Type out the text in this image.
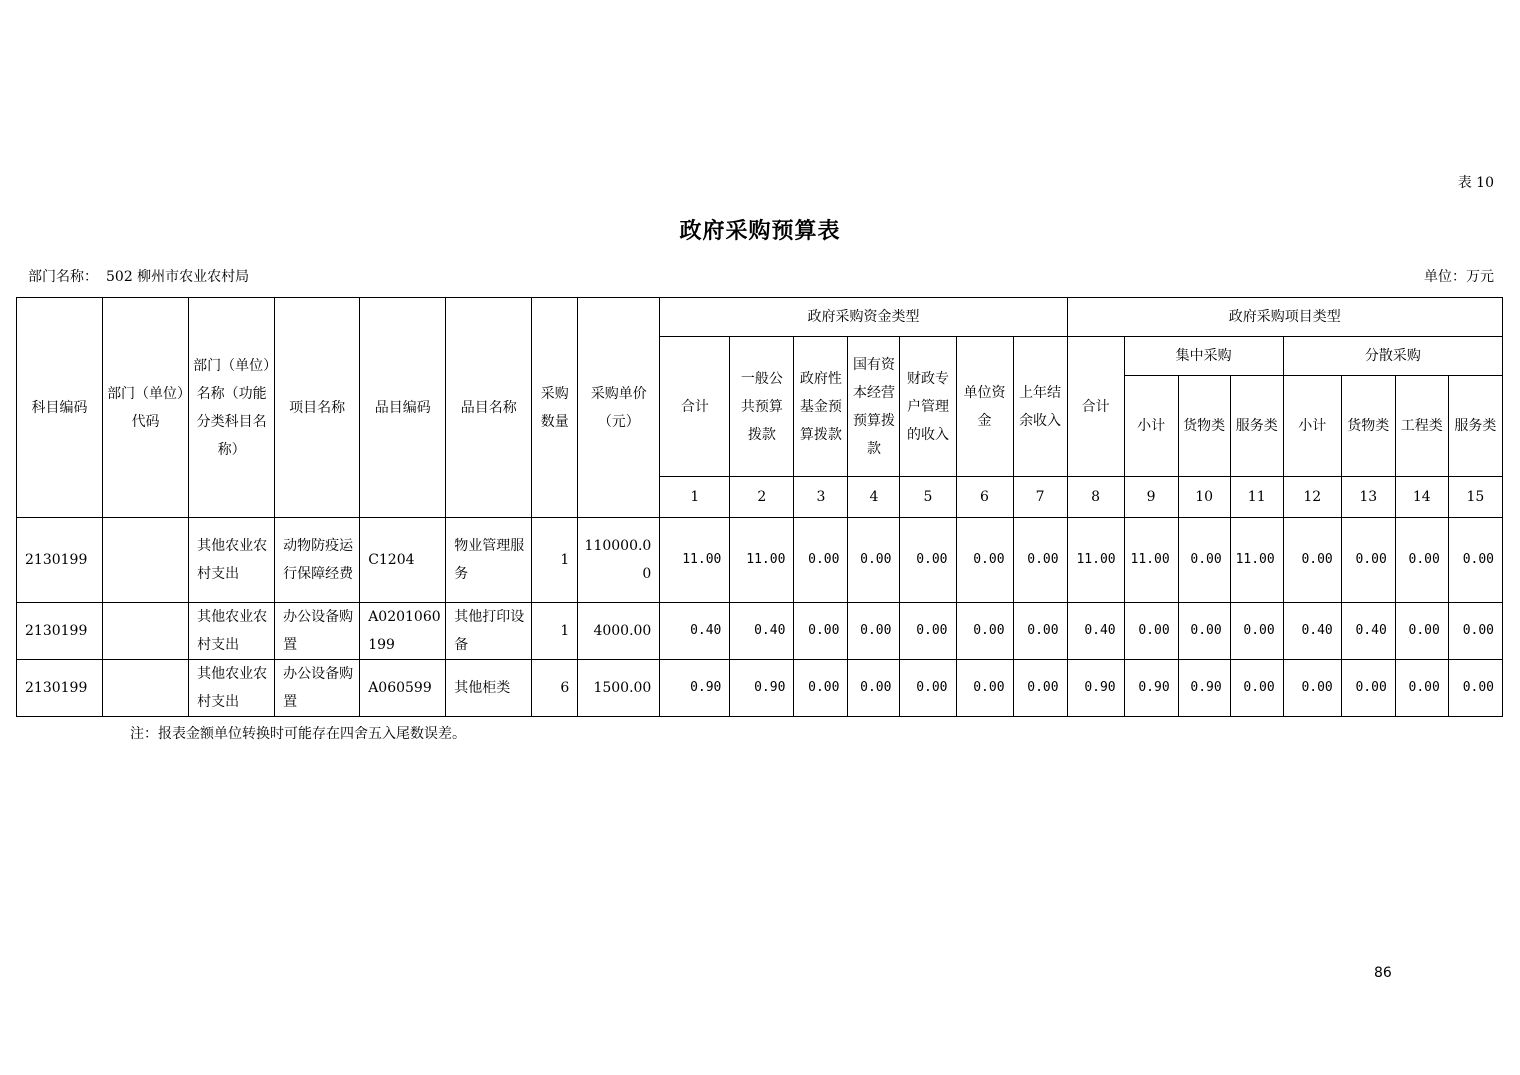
表 10
政府采购预算表
部门名称： 502 柳州市农业农村局	单位：万元
科目编码	部门（单位）代码	部门（单位）名称（功能分类科目名称）	项目名称	品目编码	品目名称	采购数量	采购单价（元）	政府采购资金类型							政府采购项目类型							
								合计	一般公共预算拨款	政府性基金预算拨款	国有资本经营预算拨款	财政专户管理的收入	单位资金	上年结余收入	合计	集中采购			分散采购			
																小计	货物类	服务类	小计	货物类	工程类	服务类
								1	2	3	4	5	6	7	8	9	10	11	12	13	14	15
2130199		其他农业农村支出	动物防疫运行保障经费	C1204	物业管理服务	1	110000.00	11.00	11.00	0.00	0.00	0.00	0.00	0.00	11.00	11.00	0.00	11.00	0.00	0.00	0.00	0.00
2130199		其他农业农村支出	办公设备购置	A0201060199	其他打印设备	1	4000.00	0.40	0.40	0.00	0.00	0.00	0.00	0.00	0.40	0.00	0.00	0.00	0.40	0.40	0.00	0.00
2130199		其他农业农村支出	办公设备购置	A060599	其他柜类	6	1500.00	0.90	0.90	0.00	0.00	0.00	0.00	0.00	0.90	0.90	0.90	0.00	0.00	0.00	0.00	0.00
注：报表金额单位转换时可能存在四舍五入尾数误差。
86
